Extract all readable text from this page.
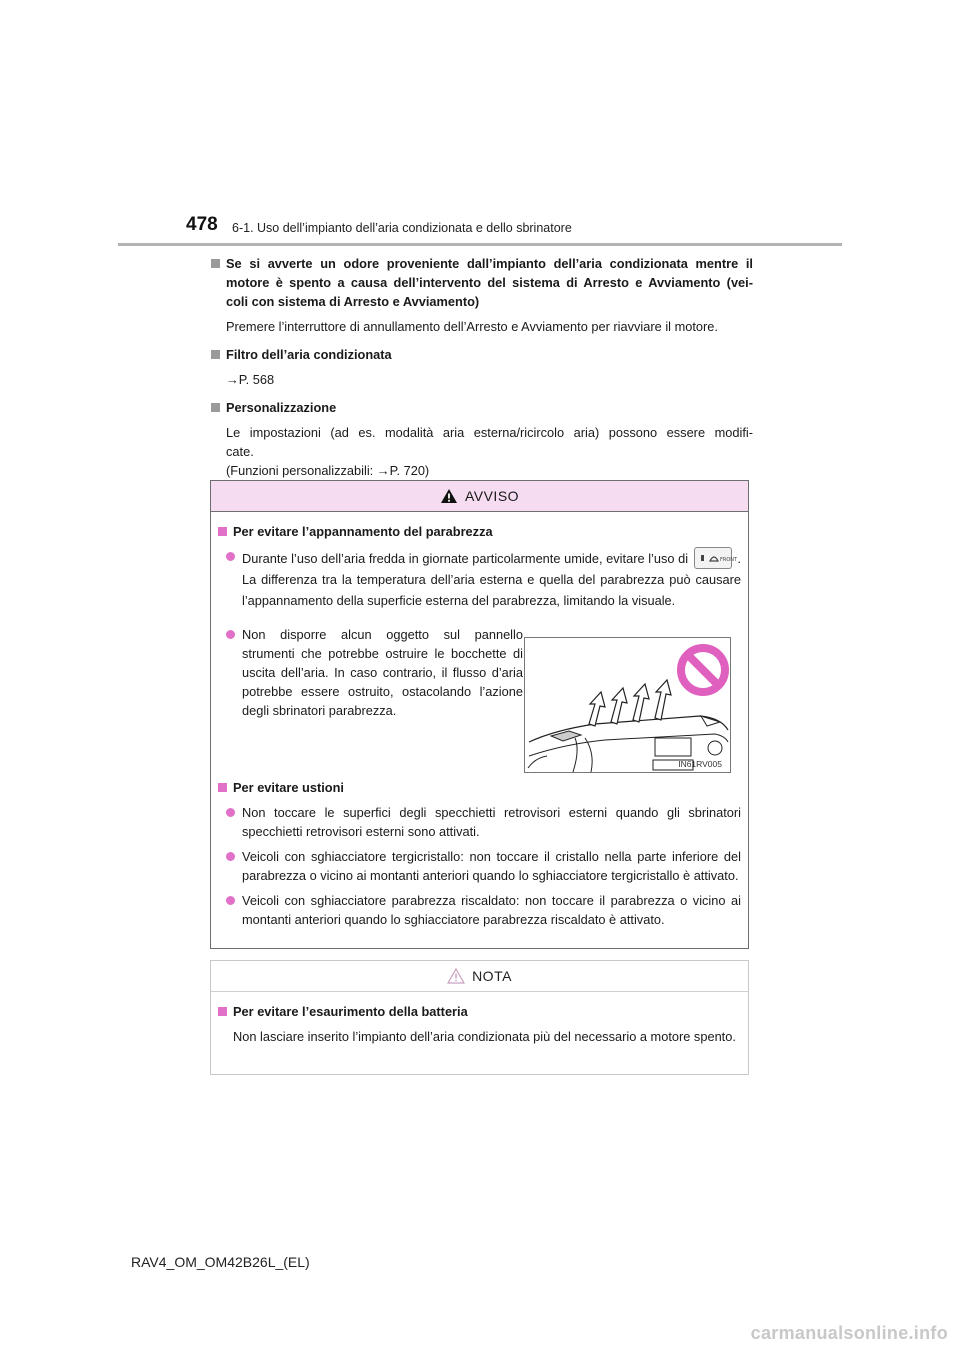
478 6-1. Uso dell’impianto dell’aria condizionata e dello sbrinatore
Se si avverte un odore proveniente dall’impianto dell’aria condizionata mentre il
motore è spento a causa dell’intervento del sistema di Arresto e Avviamento (vei-
coli con sistema di Arresto e Avviamento)
Premere l’interruttore di annullamento dell’Arresto e Avviamento per riavviare il motore.
Filtro dell’aria condizionata
→P. 568
Personalizzazione
Le impostazioni (ad es. modalità aria esterna/ricircolo aria) possono essere modifi-
cate.
(Funzioni personalizzabili: →P. 720)
AVVISO
Per evitare l’appannamento del parabrezza
Durante l’uso dell’aria fredda in giornate particolarmente umide, evitare l’uso di	FRONT . La differenza tra la temperatura dell’aria esterna e quella del parabrezza può causare l’appannamento della superficie esterna del parabrezza, limitando la visuale.
Non disporre alcun oggetto sul pannello strumenti che potrebbe ostruire le bocchette di uscita dell’aria. In caso contrario, il flusso d’aria potrebbe essere ostruito, ostacolando l’azione degli sbrinatori parabrezza.
Per evitare ustioni
Non toccare le superfici degli specchietti retrovisori esterni quando gli sbrinatori specchietti retrovisori esterni sono attivati.
Veicoli con sghiacciatore tergicristallo: non toccare il cristallo nella parte inferiore del parabrezza o vicino ai montanti anteriori quando lo sghiacciatore tergicristallo è attivato.
Veicoli con sghiacciatore parabrezza riscaldato: non toccare il parabrezza o vicino ai montanti anteriori quando lo sghiacciatore parabrezza riscaldato è attivato.
IN61RV005
NOTA
Per evitare l’esaurimento della batteria
Non lasciare inserito l’impianto dell’aria condizionata più del necessario a motore spento.
RAV4_OM_OM42B26L_(EL)
carmanualsonline.info
